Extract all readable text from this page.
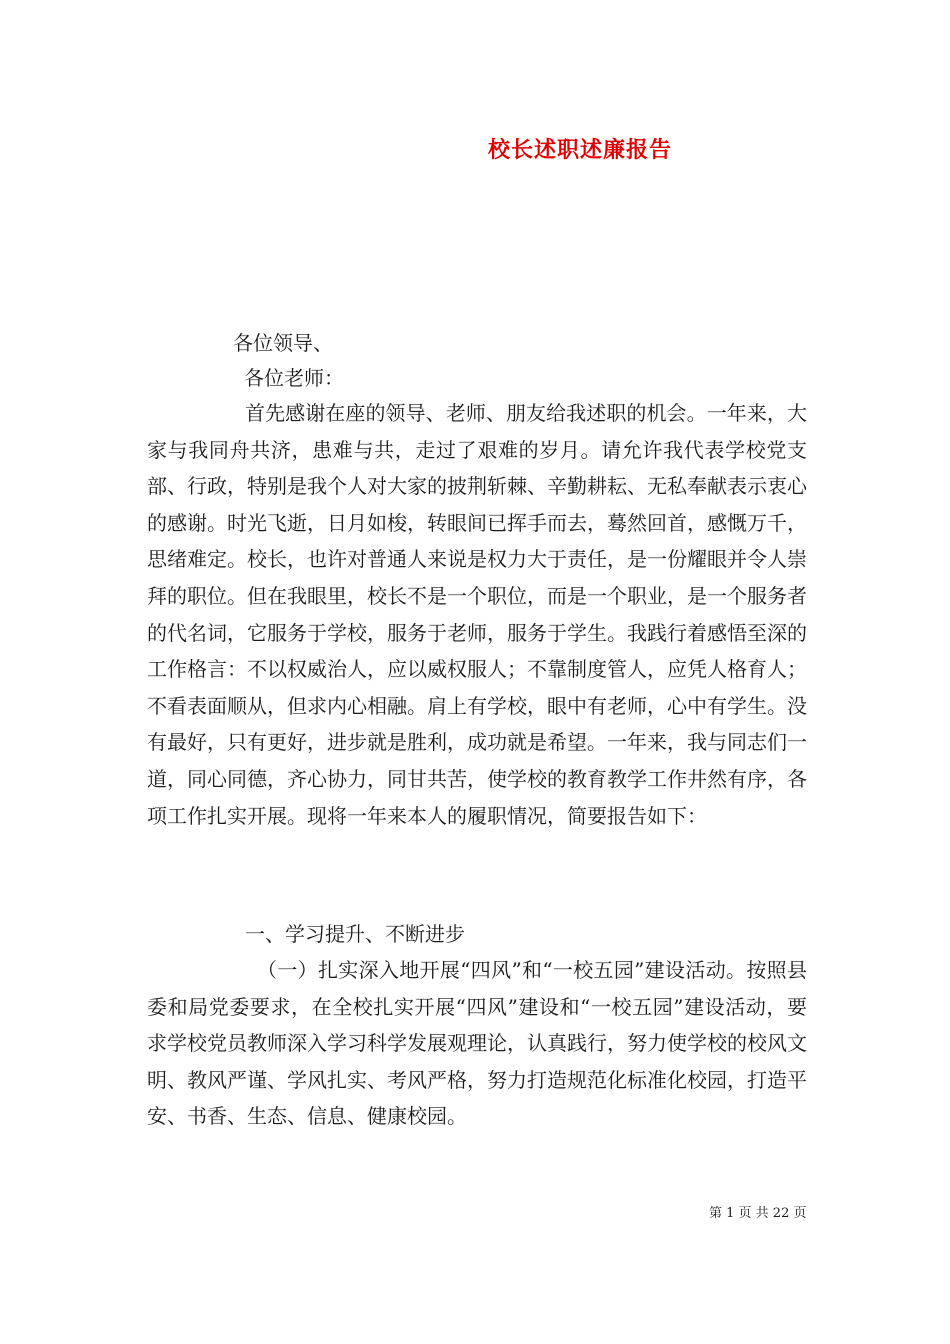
校长述职述廉报告

各位领导、

各位老师：

首先感谢在座的领导、老师、朋友给我述职的机会。一年来，大家与我同舟共济，患难与共，走过了艰难的岁月。请允许我代表学校党支部、行政，特别是我个人对大家的披荆斩棘、辛勤耕耘、无私奉献表示衷心的感谢。时光飞逝，日月如梭，转眼间已挥手而去，蓦然回首，感慨万千，思绪难定。校长，也许对普通人来说是权力大于责任，是一份耀眼并令人崇拜的职位。但在我眼里，校长不是一个职位，而是一个职业，是一个服务者的代名词，它服务于学校，服务于老师，服务于学生。我践行着感悟至深的工作格言：不以权威治人，应以威权服人；不靠制度管人，应凭人格育人；不看表面顺从，但求内心相融。肩上有学校，眼中有老师，心中有学生。没有最好，只有更好，进步就是胜利，成功就是希望。一年来，我与同志们一道，同心同德，齐心协力，同甘共苦，使学校的教育教学工作井然有序，各项工作扎实开展。现将一年来本人的履职情况，简要报告如下：

一、学习提升、不断进步

（一）扎实深入地开展“四风”和“一校五园”建设活动。按照县委和局党委要求，在全校扎实开展“四风”建设和“一校五园”建设活动，要求学校党员教师深入学习科学发展观理论，认真践行，努力使学校的校风文明、教风严谨、学风扎实、考风严格，努力打造规范化标准化校园，打造平安、书香、生态、信息、健康校园。

第 1 页 共 22 页
